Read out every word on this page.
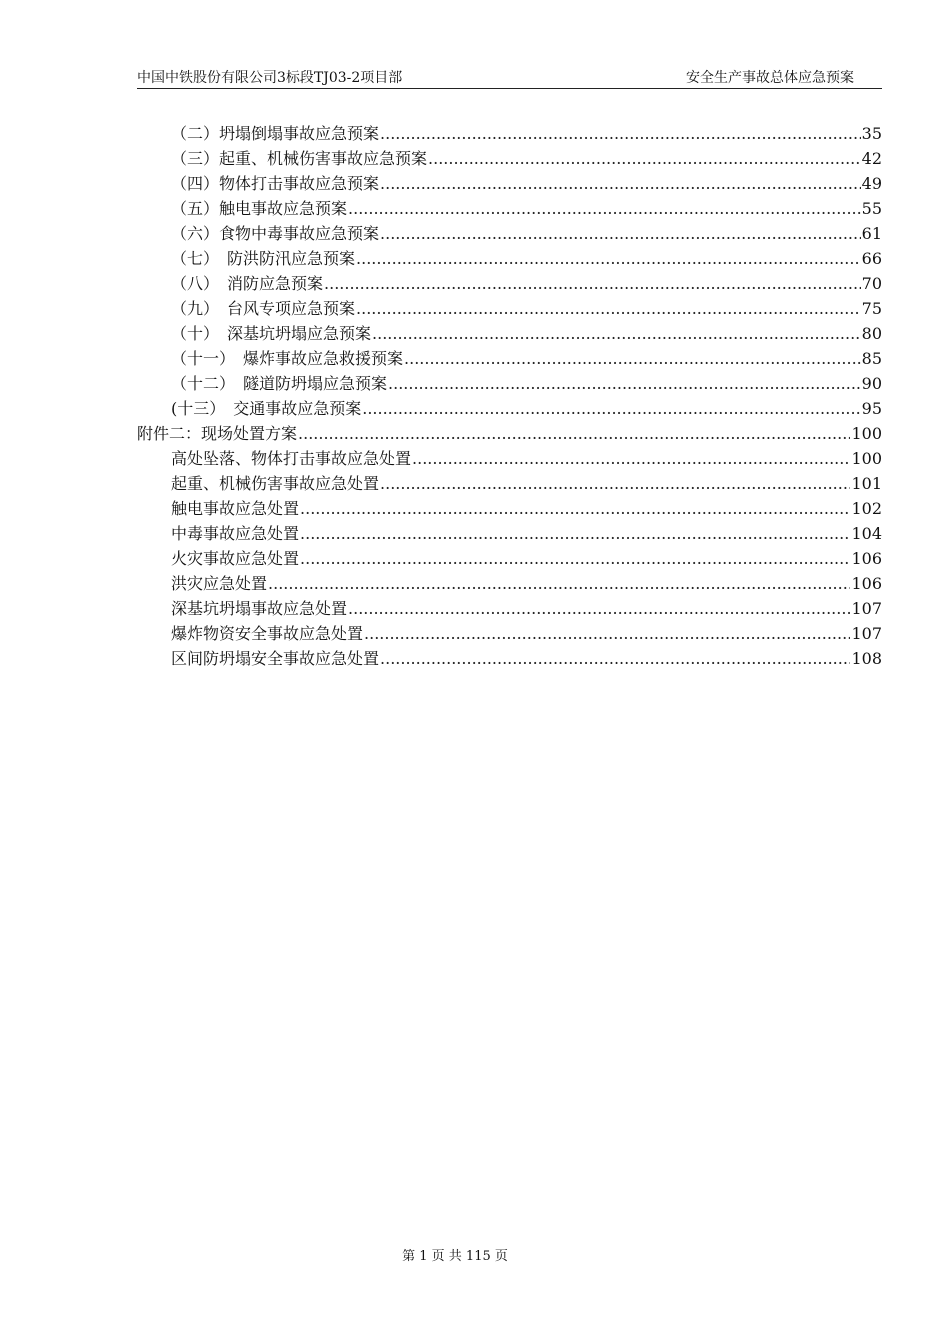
中国中铁股份有限公司3标段TJ03-2项目部	安全生产事故总体应急预案
（二）坍塌倒塌事故应急预案 .....	35
（三）起重、机械伤害事故应急预案 .....	42
（四）物体打击事故应急预案 .....	49
（五）触电事故应急预案 .....	55
（六）食物中毒事故应急预案 .....	61
（七）　防洪防汛应急预案 .....	66
（八）　消防应急预案 .....	70
（九）　台风专项应急预案 .....	75
（十）　深基坑坍塌应急预案 .....	80
（十一）　爆炸事故应急救援预案 .....	85
（十二）　隧道防坍塌应急预案 .....	90
(十三）　交通事故应急预案 .....	95
附件二：现场处置方案 .....	100
高处坠落、物体打击事故应急处置 .....	100
起重、机械伤害事故应急处置 .....	101
触电事故应急处置 .....	102
中毒事故应急处置 .....	104
火灾事故应急处置 .....	106
洪灾应急处置 .....	106
深基坑坍塌事故应急处置 .....	107
爆炸物资安全事故应急处置 .....	107
区间防坍塌安全事故应急处置 .....	108
第 1 页 共 115 页
